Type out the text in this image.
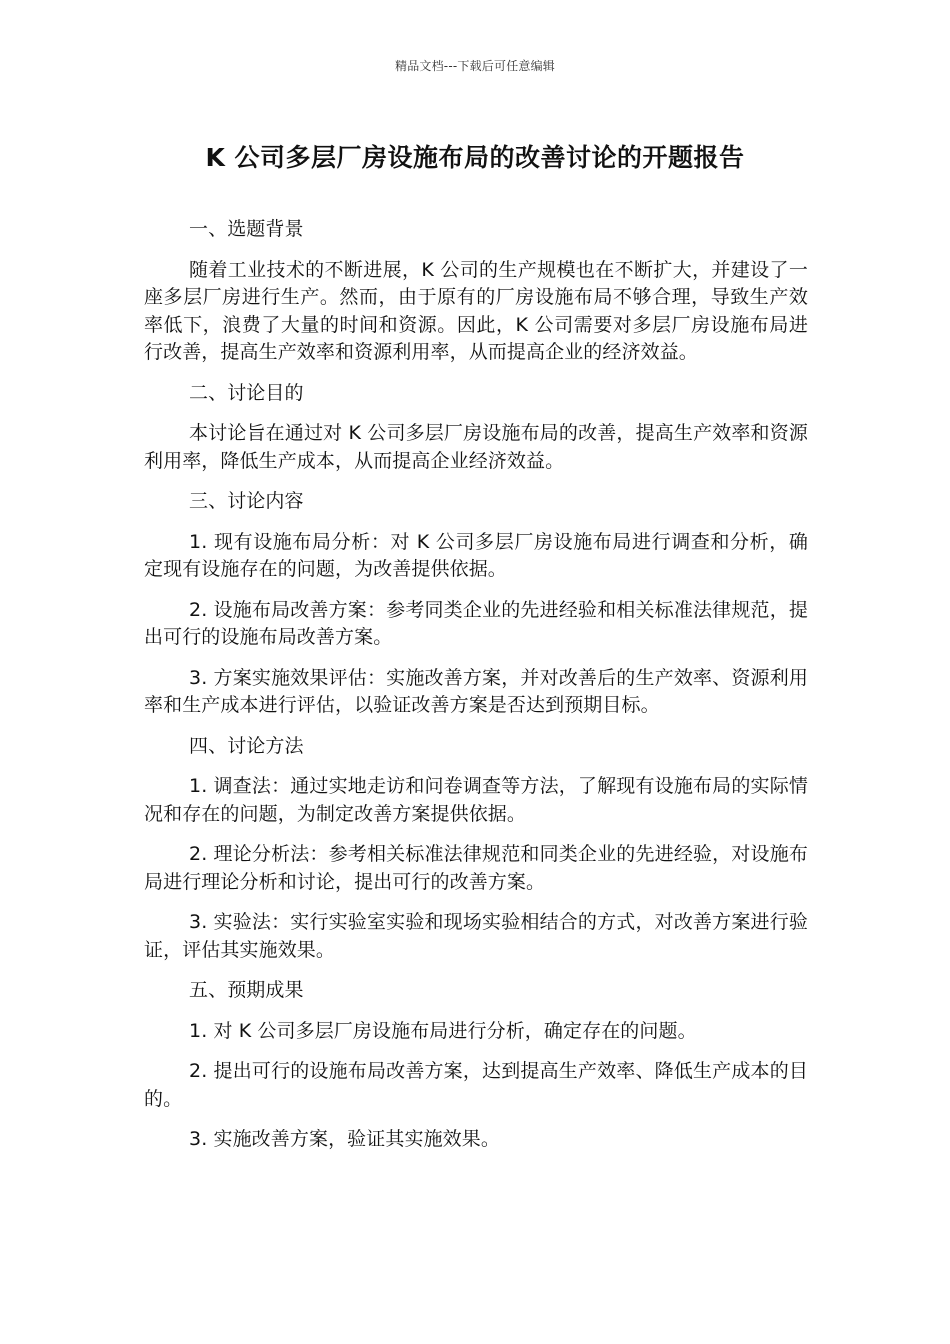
精品文档---下载后可任意编辑
K 公司多层厂房设施布局的改善讨论的开题报告

一、选题背景

随着工业技术的不断进展，K 公司的生产规模也在不断扩大，并建设了一座多层厂房进行生产。然而，由于原有的厂房设施布局不够合理，导致生产效率低下，浪费了大量的时间和资源。因此，K 公司需要对多层厂房设施布局进行改善，提高生产效率和资源利用率，从而提高企业的经济效益。

二、讨论目的

本讨论旨在通过对 K 公司多层厂房设施布局的改善，提高生产效率和资源利用率，降低生产成本，从而提高企业经济效益。

三、讨论内容

1. 现有设施布局分析：对 K 公司多层厂房设施布局进行调查和分析，确定现有设施存在的问题，为改善提供依据。

2. 设施布局改善方案：参考同类企业的先进经验和相关标准法律规范，提出可行的设施布局改善方案。

3. 方案实施效果评估：实施改善方案，并对改善后的生产效率、资源利用率和生产成本进行评估，以验证改善方案是否达到预期目标。

四、讨论方法

1. 调查法：通过实地走访和问卷调查等方法，了解现有设施布局的实际情况和存在的问题，为制定改善方案提供依据。

2. 理论分析法：参考相关标准法律规范和同类企业的先进经验，对设施布局进行理论分析和讨论，提出可行的改善方案。

3. 实验法：实行实验室实验和现场实验相结合的方式，对改善方案进行验证，评估其实施效果。

五、预期成果

1. 对 K 公司多层厂房设施布局进行分析，确定存在的问题。

2. 提出可行的设施布局改善方案，达到提高生产效率、降低生产成本的目的。

3. 实施改善方案，验证其实施效果。
